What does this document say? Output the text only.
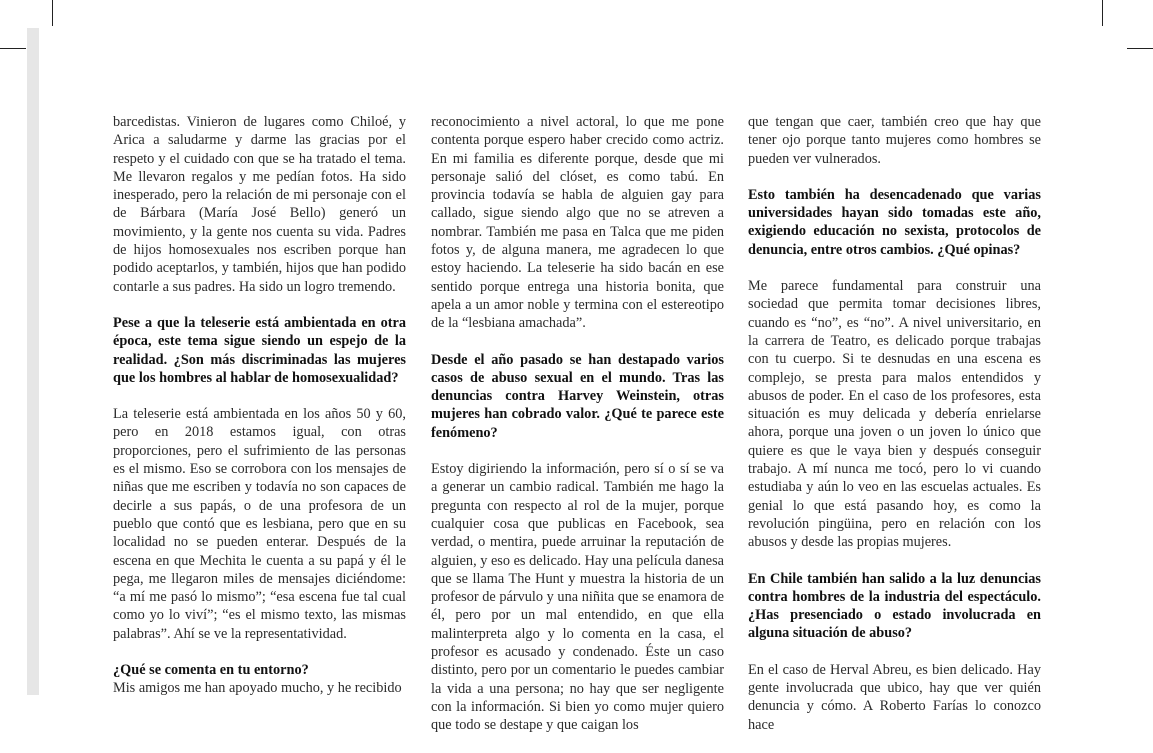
barcedistas. Vinieron de lugares como Chiloé, y Arica a saludarme y darme las gracias por el respeto y el cuidado con que se ha tratado el tema. Me llevaron regalos y me pedían fotos. Ha sido inesperado, pero la relación de mi personaje con el de Bárbara (María José Bello) generó un movimiento, y la gente nos cuenta su vida. Padres de hijos homosexuales nos escriben porque han podido aceptarlos, y también, hijos que han podido contarle a sus padres. Ha sido un logro tremendo.

Pese a que la teleserie está ambientada en otra época, este tema sigue siendo un espejo de la realidad. ¿Son más discriminadas las mujeres que los hombres al hablar de homosexualidad?

La teleserie está ambientada en los años 50 y 60, pero en 2018 estamos igual, con otras proporciones, pero el sufrimiento de las personas es el mismo. Eso se corrobora con los mensajes de niñas que me escriben y todavía no son capaces de decirle a sus papás, o de una profesora de un pueblo que contó que es lesbiana, pero que en su localidad no se pueden enterar. Después de la escena en que Mechita le cuenta a su papá y él le pega, me llegaron miles de mensajes diciéndome: “a mí me pasó lo mismo”; “esa escena fue tal cual como yo lo viví”; “es el mismo texto, las mismas palabras”. Ahí se ve la representatividad.

¿Qué se comenta en tu entorno?

Mis amigos me han apoyado mucho, y he recibido

reconocimiento a nivel actoral, lo que me pone contenta porque espero haber crecido como actriz. En mi familia es diferente porque, desde que mi personaje salió del clóset, es como tabú. En provincia todavía se habla de alguien gay para callado, sigue siendo algo que no se atreven a nombrar. También me pasa en Talca que me piden fotos y, de alguna manera, me agradecen lo que estoy haciendo. La teleserie ha sido bacán en ese sentido porque entrega una historia bonita, que apela a un amor noble y termina con el estereotipo de la “lesbiana amachada”.

Desde el año pasado se han destapado varios casos de abuso sexual en el mundo. Tras las denuncias contra Harvey Weinstein, otras mujeres han cobrado valor. ¿Qué te parece este fenómeno?

Estoy digiriendo la información, pero sí o sí se va a generar un cambio radical. También me hago la pregunta con respecto al rol de la mujer, porque cualquier cosa que publicas en Facebook, sea verdad, o mentira, puede arruinar la reputación de alguien, y eso es delicado. Hay una película danesa que se llama The Hunt y muestra la historia de un profesor de párvulo y una niñita que se enamora de él, pero por un mal entendido, en que ella malinterpreta algo y lo comenta en la casa, el profesor es acusado y condenado. Éste un caso distinto, pero por un comentario le puedes cambiar la vida a una persona; no hay que ser negligente con la información. Si bien yo como mujer quiero que todo se destape y que caigan los

que tengan que caer, también creo que hay que tener ojo porque tanto mujeres como hombres se pueden ver vulnerados.

Esto también ha desencadenado que varias universidades hayan sido tomadas este año, exigiendo educación no sexista, protocolos de denuncia, entre otros cambios. ¿Qué opinas?

Me parece fundamental para construir una sociedad que permita tomar decisiones libres, cuando es “no”, es “no”. A nivel universitario, en la carrera de Teatro, es delicado porque trabajas con tu cuerpo. Si te desnudas en una escena es complejo, se presta para malos entendidos y abusos de poder. En el caso de los profesores, esta situación es muy delicada y debería enrielarse ahora, porque una joven o un joven lo único que quiere es que le vaya bien y después conseguir trabajo. A mí nunca me tocó, pero lo vi cuando estudiaba y aún lo veo en las escuelas actuales. Es genial lo que está pasando hoy, es como la revolución pingüina, pero en relación con los abusos y desde las propias mujeres.

En Chile también han salido a la luz denuncias contra hombres de la industria del espectáculo. ¿Has presenciado o estado involucrada en alguna situación de abuso?

En el caso de Herval Abreu, es bien delicado. Hay gente involucrada que ubico, hay que ver quién denuncia y cómo. A Roberto Farías lo conozco hace
